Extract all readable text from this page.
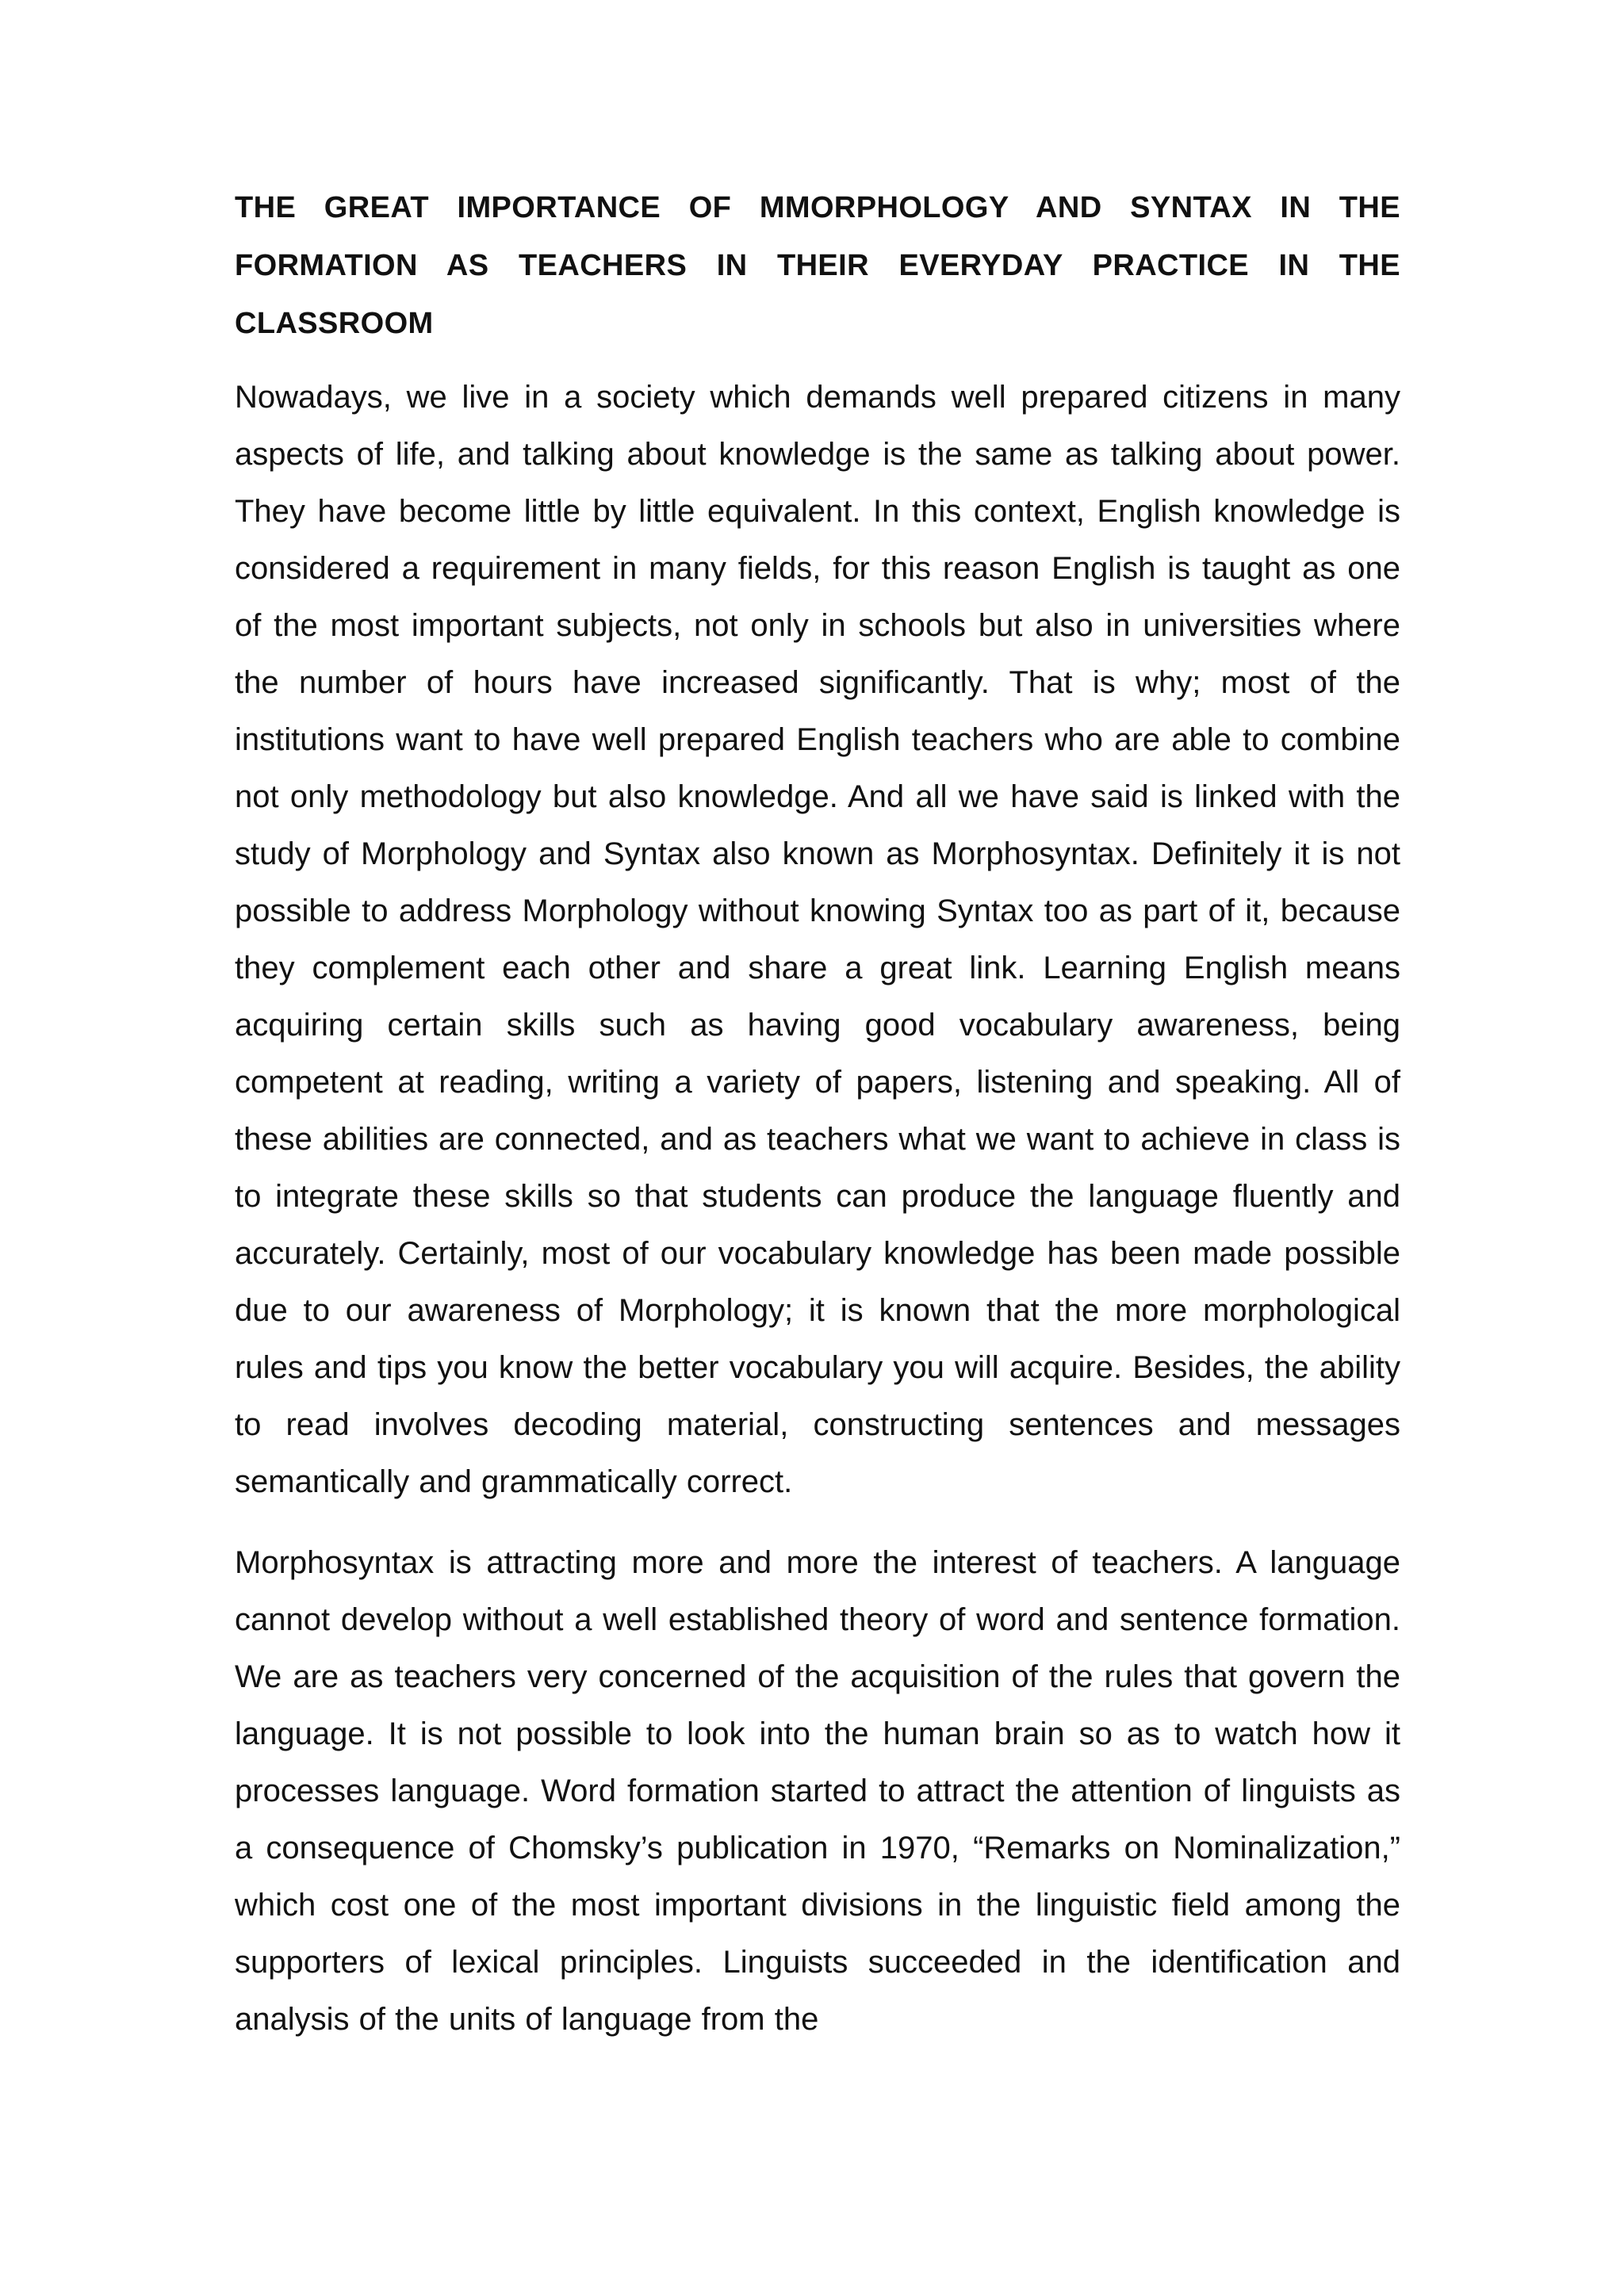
THE GREAT IMPORTANCE OF MMORPHOLOGY AND SYNTAX IN THE FORMATION AS TEACHERS IN THEIR EVERYDAY PRACTICE IN THE CLASSROOM

Nowadays, we live in a society which demands well prepared citizens in many aspects of life, and talking about knowledge is the same as talking about power. They have become little by little equivalent. In this context, English knowledge is considered a requirement in many fields, for this reason English is taught as one of the most important subjects, not only in schools but also in universities where the number of hours have increased significantly. That is why; most of the institutions want to have well prepared English teachers who are able to combine not only methodology but also knowledge. And all we have said is linked with the study of Morphology and Syntax also known as Morphosyntax. Definitely it is not possible to address Morphology without knowing Syntax too as part of it, because they complement each other and share a great link. Learning English means acquiring certain skills such as having good vocabulary awareness, being competent at reading, writing a variety of papers, listening and speaking. All of these abilities are connected, and as teachers what we want to achieve in class is to integrate these skills so that students can produce the language fluently and accurately. Certainly, most of our vocabulary knowledge has been made possible due to our awareness of Morphology; it is known that the more morphological rules and tips you know the better vocabulary you will acquire. Besides, the ability to read involves decoding material, constructing sentences and messages semantically and grammatically correct.

Morphosyntax is attracting more and more the interest of teachers. A language cannot develop without a well established theory of word and sentence formation. We are as teachers very concerned of the acquisition of the rules that govern the language. It is not possible to look into the human brain so as to watch how it processes language. Word formation started to attract the attention of linguists as a consequence of Chomsky’s publication in 1970, “Remarks on Nominalization,” which cost one of the most important divisions in the linguistic field among the supporters of lexical principles. Linguists succeeded in the identification and analysis of the units of language from the
